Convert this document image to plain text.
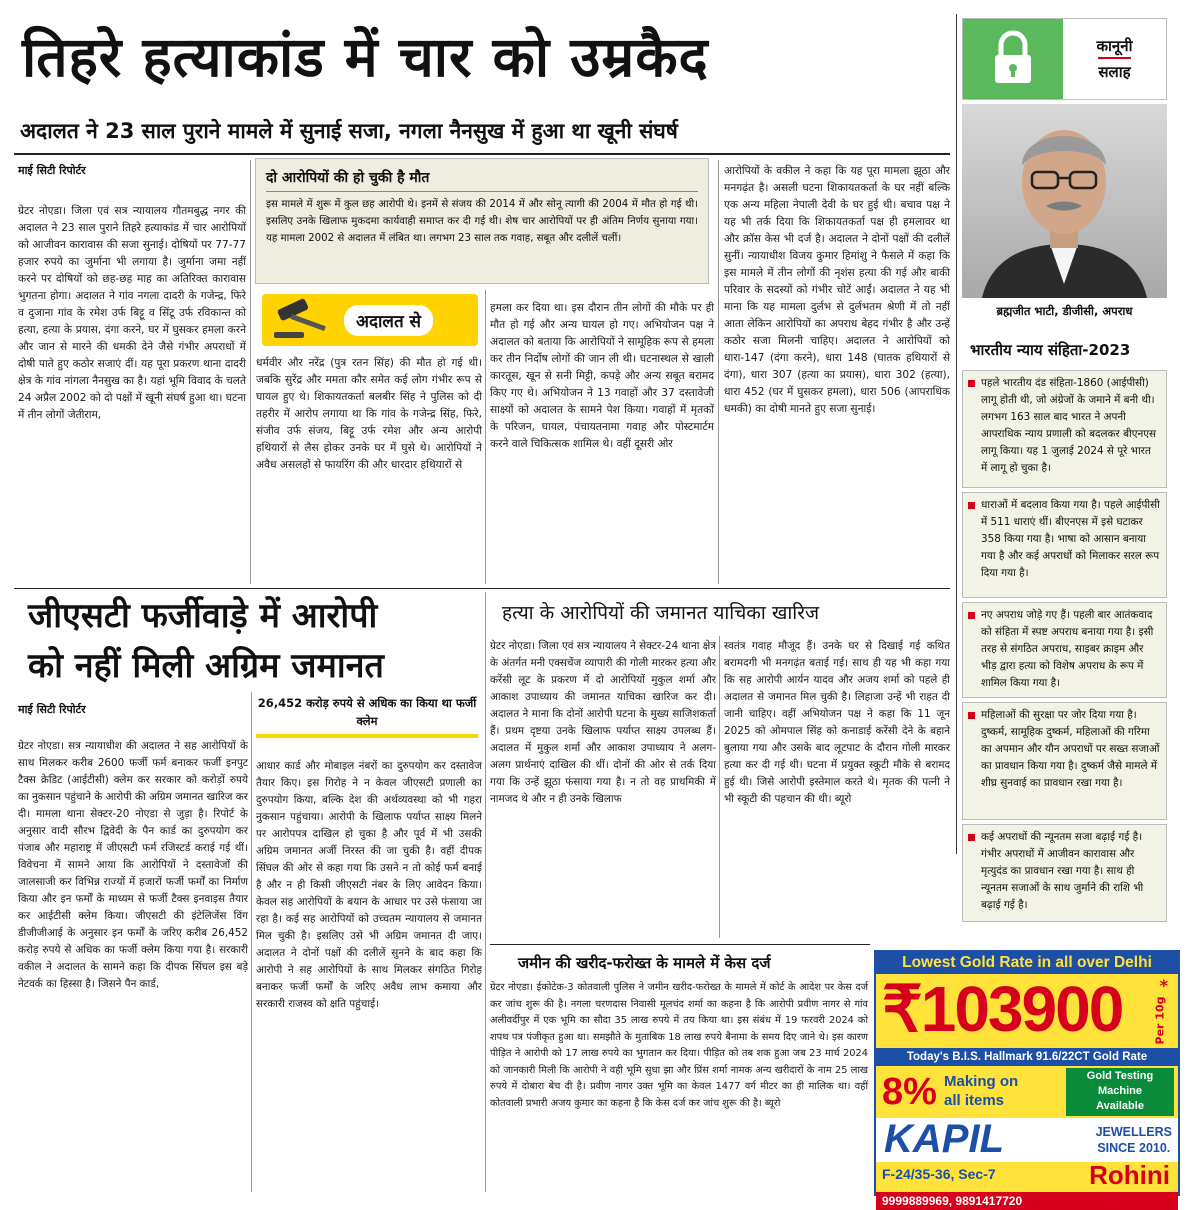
तिहरे हत्याकांड में चार को उम्रकैद
अदालत ने 23 साल पुराने मामले में सुनाई सजा, नगला नैनसुख में हुआ था खूनी संघर्ष
माई सिटी रिपोर्टर
ग्रेटर नोएडा। जिला एवं सत्र न्यायालय गौतमबुद्ध नगर की अदालत ने 23 साल पुराने तिहरे हत्याकांड में चार आरोपियों को आजीवन कारावास की सजा सुनाई। दोषियों पर 77-77 हजार रुपये का जुर्माना भी लगाया है। जुर्माना जमा नहीं करने पर दोषियों को छह-छह माह का अतिरिक्त कारावास भुगतना होगा। अदालत ने गांव नगला दादरी के गजेन्द्र, फिरे व दुजाना गांव के रमेश उर्फ बिट्टू व सिंटू उर्फ रविकान्त को हत्या, हत्या के प्रयास, दंगा करने, घर में घुसकर हमला करने और जान से मारने की धमकी देने जैसे गंभीर अपराधों में दोषी पाते हुए कठोर सजाएं दीं। यह पूरा प्रकरण थाना दादरी क्षेत्र के गांव नांगला नैनसुख का है। यहां भूमि विवाद के चलते 24 अप्रैल 2002 को दो पक्षों में खूनी संघर्ष हुआ था। घटना में तीन लोगों जेतीराम,
दो आरोपियों की हो चुकी है मौत
इस मामले में शुरू में कुल छह आरोपी थे। इनमें से संजय की 2014 में और सोनू त्यागी की 2004 में मौत हो गई थी। इसलिए उनके खिलाफ मुकदमा कार्यवाही समाप्त कर दी गई थी। शेष चार आरोपियों पर ही अंतिम निर्णय सुनाया गया। यह मामला 2002 से अदालत में लंबित था। लगभग 23 साल तक गवाह, सबूत और दलीलें चलीं।
अदालत से
धर्मवीर और नरेंद्र (पुत्र रतन सिंह) की मौत हो गई थी। जबकि सुरेंद्र और ममता कौर समेत कई लोग गंभीर रूप से घायल हुए थे। शिकायतकर्ता बलबीर सिंह ने पुलिस को दी तहरीर में आरोप लगाया था कि गांव के गजेन्द्र सिंह, फिरे, संजीव उर्फ संजय, बिट्टू उर्फ रमेश और अन्य आरोपी हथियारों से लैस होकर उनके घर में घुसे थे। आरोपियों ने अवैध असलहों से फायरिंग की और धारदार हथियारों से
हमला कर दिया था। इस दौरान तीन लोगों की मौके पर ही मौत हो गई और अन्य घायल हो गए। अभियोजन पक्ष ने अदालत को बताया कि आरोपियों ने सामूहिक रूप से हमला कर तीन निर्दोष लोगों की जान ली थी। घटनास्थल से खाली कारतूस, खून से सनी मिट्टी, कपड़े और अन्य सबूत बरामद किए गए थे। अभियोजन ने 13 गवाहों और 37 दस्तावेजी साक्ष्यों को अदालत के सामने पेश किया। गवाहों में मृतकों के परिजन, घायल, पंचायतनामा गवाह और पोस्टमार्टम करने वाले चिकित्सक शामिल थे। वहीं दूसरी ओर
आरोपियों के वकील ने कहा कि यह पूरा मामला झूठा और मनगढ़ंत है। असली घटना शिकायतकर्ता के घर नहीं बल्कि एक अन्य महिला नेपाली देवी के घर हुई थी। बचाव पक्ष ने यह भी तर्क दिया कि शिकायतकर्ता पक्ष ही हमलावर था और क्रॉस केस भी दर्ज है। अदालत ने दोनों पक्षों की दलीलें सुनीं। न्यायाधीश विजय कुमार हिमांशु ने फैसले में कहा कि इस मामले में तीन लोगों की नृशंस हत्या की गई और बाकी परिवार के सदस्यों को गंभीर चोटें आईं। अदालत ने यह भी माना कि यह मामला दुर्लभ से दुर्लभतम श्रेणी में तो नहीं आता लेकिन आरोपियों का अपराध बेहद गंभीर है और उन्हें कठोर सजा मिलनी चाहिए। अदालत ने आरोपियों को धारा-147 (दंगा करने), धारा 148 (घातक हथियारों से दंगा), धारा 307 (हत्या का प्रयास), धारा 302 (हत्या), धारा 452 (घर में घुसकर हमला), धारा 506 (आपराधिक धमकी) का दोषी मानते हुए सजा सुनाई।
कानूनी
सलाह
ब्रह्मजीत भाटी, डीजीसी, अपराध
भारतीय न्याय संहिता-2023
पहले भारतीय दंड संहिता-1860 (आईपीसी) लागू होती थी, जो अंग्रेजों के जमाने में बनी थी। लगभग 163 साल बाद भारत ने अपनी आपराधिक न्याय प्रणाली को बदलकर बीएनएस लागू किया। यह 1 जुलाई 2024 से पूरे भारत में लागू हो चुका है।
धाराओं में बदलाव किया गया है। पहले आईपीसी में 511 धाराएं थीं। बीएनएस में इसे घटाकर 358 किया गया है। भाषा को आसान बनाया गया है और कई अपराधों को मिलाकर सरल रूप दिया गया है।
नए अपराध जोड़े गए हैं। पहली बार आतंकवाद को संहिता में स्पष्ट अपराध बनाया गया है। इसी तरह से संगठित अपराध, साइबर क्राइम और भीड़ द्वारा हत्या को विशेष अपराध के रूप में शामिल किया गया है।
महिलाओं की सुरक्षा पर जोर दिया गया है। दुष्कर्म, सामूहिक दुष्कर्म, महिलाओं की गरिमा का अपमान और यौन अपराधों पर सख्त सजाओं का प्रावधान किया गया है। दुष्कर्म जैसे मामले में शीघ्र सुनवाई का प्रावधान रखा गया है।
कई अपराधों की न्यूनतम सजा बढ़ाई गई है। गंभीर अपराधों में आजीवन कारावास और मृत्युदंड का प्रावधान रखा गया है। साथ ही न्यूनतम सजाओं के साथ जुर्माने की राशि भी बढ़ाई गई है।
जीएसटी फर्जीवाड़े में आरोपी
को नहीं मिली अग्रिम जमानत
माई सिटी रिपोर्टर	26,452 करोड़ रुपये से अधिक का किया था फर्जी क्लेम
ग्रेटर नोएडा। सत्र न्यायाधीश की अदालत ने सह आरोपियों के साथ मिलकर करीब 2600 फर्जी फर्म बनाकर फर्जी इनपुट टैक्स क्रेडिट (आईटीसी) क्लेम कर सरकार को करोड़ों रुपये का नुकसान पहुंचाने के आरोपी की अग्रिम जमानत खारिज कर दी। मामला थाना सेक्टर-20 नोएडा से जुड़ा है। रिपोर्ट के अनुसार वादी सौरभ द्विवेदी के पैन कार्ड का दुरुपयोग कर पंजाब और महाराष्ट्र में जीएसटी फर्म रजिस्टर्ड कराई गई थीं। विवेचना में सामने आया कि आरोपियों ने दस्तावेजों की जालसाजी कर विभिन्न राज्यों में हजारों फर्जी फर्मों का निर्माण किया और इन फर्मों के माध्यम से फर्जी टैक्स इनवाइस तैयार कर आईटीसी क्लेम किया। जीएसटी की इंटेलिजेंस विंग डीजीजीआई के अनुसार इन फर्मों के जरिए करीब 26,452 करोड़ रुपये से अधिक का फर्जी क्लेम किया गया है। सरकारी वकील ने अदालत के सामने कहा कि दीपक सिंघल इस बड़े नेटवर्क का हिस्सा है। जिसने पैन कार्ड,
आधार कार्ड और मोबाइल नंबरों का दुरुपयोग कर दस्तावेज तैयार किए। इस गिरोह ने न केवल जीएसटी प्रणाली का दुरुपयोग किया, बल्कि देश की अर्थव्यवस्था को भी गहरा नुकसान पहुंचाया। आरोपी के खिलाफ पर्याप्त साक्ष्य मिलने पर आरोपपत्र दाखिल हो चुका है और पूर्व में भी उसकी अग्रिम जमानत अर्जी निरस्त की जा चुकी है। वहीं दीपक सिंघल की ओर से कहा गया कि उसने न तो कोई फर्म बनाई है और न ही किसी जीएसटी नंबर के लिए आवेदन किया। केवल सह आरोपियों के बयान के आधार पर उसे फंसाया जा रहा है। कई सह आरोपियों को उच्चतम न्यायालय से जमानत मिल चुकी है। इसलिए उसे भी अग्रिम जमानत दी जाए। अदालत ने दोनों पक्षों की दलीलें सुनने के बाद कहा कि आरोपी ने सह आरोपियों के साथ मिलकर संगठित गिरोह बनाकर फर्जी फर्मों के जरिए अवैध लाभ कमाया और सरकारी राजस्व को क्षति पहुंचाई।
हत्या के आरोपियों की जमानत याचिका खारिज
ग्रेटर नोएडा। जिला एवं सत्र न्यायालय ने सेक्टर-24 थाना क्षेत्र के अंतर्गत मनी एक्सचेंज व्यापारी की गोली मारकर हत्या और करेंसी लूट के प्रकरण में दो आरोपियों मुकुल शर्मा और आकाश उपाध्याय की जमानत याचिका खारिज कर दी। अदालत ने माना कि दोनों आरोपी घटना के मुख्य साजिशकर्ता हैं। प्रथम दृष्टया उनके खिलाफ पर्याप्त साक्ष्य उपलब्ध हैं। अदालत में मुकुल शर्मा और आकाश उपाध्याय ने अलग-अलग प्रार्थनाएं दाखिल की थीं। दोनों की ओर से तर्क दिया गया कि उन्हें झूठा फंसाया गया है। न तो वह प्राथमिकी में नामजद थे और न ही उनके खिलाफ
स्वतंत्र गवाह मौजूद हैं। उनके घर से दिखाई गई कथित बरामदगी भी मनगढ़ंत बताई गई। साथ ही यह भी कहा गया कि सह आरोपी आर्यन यादव और अजय शर्मा को पहले ही अदालत से जमानत मिल चुकी है। लिहाजा उन्हें भी राहत दी जानी चाहिए। वहीं अभियोजन पक्ष ने कहा कि 11 जून 2025 को ओमपाल सिंह को कनाडाई करेंसी देने के बहाने बुलाया गया और उसके बाद लूटपाट के दौरान गोली मारकर हत्या कर दी गई थी। घटना में प्रयुक्त स्कूटी मौके से बरामद हुई थी। जिसे आरोपी इस्तेमाल करते थे। मृतक की पत्नी ने भी स्कूटी की पहचान की थी। ब्यूरो
जमीन की खरीद-फरोख्त के मामले में केस दर्ज
ग्रेटर नोएडा। ईकोटेक-3 कोतवाली पुलिस ने जमीन खरीद-फरोख्त के मामले में कोर्ट के आदेश पर केस दर्ज कर जांच शुरू की है। नगला चरणदास निवासी मूलचंद शर्मा का कहना है कि आरोपी प्रवीण नागर से गांव अलीवर्दीपुर में एक भूमि का सौदा 35 लाख रुपये में तय किया था। इस संबंध में 19 फरवरी 2024 को शपथ पत्र पंजीकृत हुआ था। समझौते के मुताबिक 18 लाख रुपये बैनामा के समय दिए जाने थे। इस कारण पीड़ित ने आरोपी को 17 लाख रुपये का भुगतान कर दिया। पीड़ित को तब शक हुआ जब 23 मार्च 2024 को जानकारी मिली कि आरोपी ने वही भूमि सुधा झा और प्रिंस शर्मा नामक अन्य खरीदारों के नाम 25 लाख रुपये में दोबारा बेच दी है। प्रवीण नागर उक्त भूमि का केवल 1477 वर्ग मीटर का ही मालिक था। वहीं कोतवाली प्रभारी अजय कुमार का कहना है कि केस दर्ज कर जांच शुरू की है। ब्यूरो
Lowest Gold Rate in all over Delhi
₹103900 *
Per 10g
Today's B.I.S. Hallmark 91.6/22CT Gold Rate
8% Making on
all items
Gold Testing
Machine
Available
KAPIL	JEWELLERS
SINCE 2010.
F-24/35-36, Sec-7	Rohini
9999889969, 9891417720
